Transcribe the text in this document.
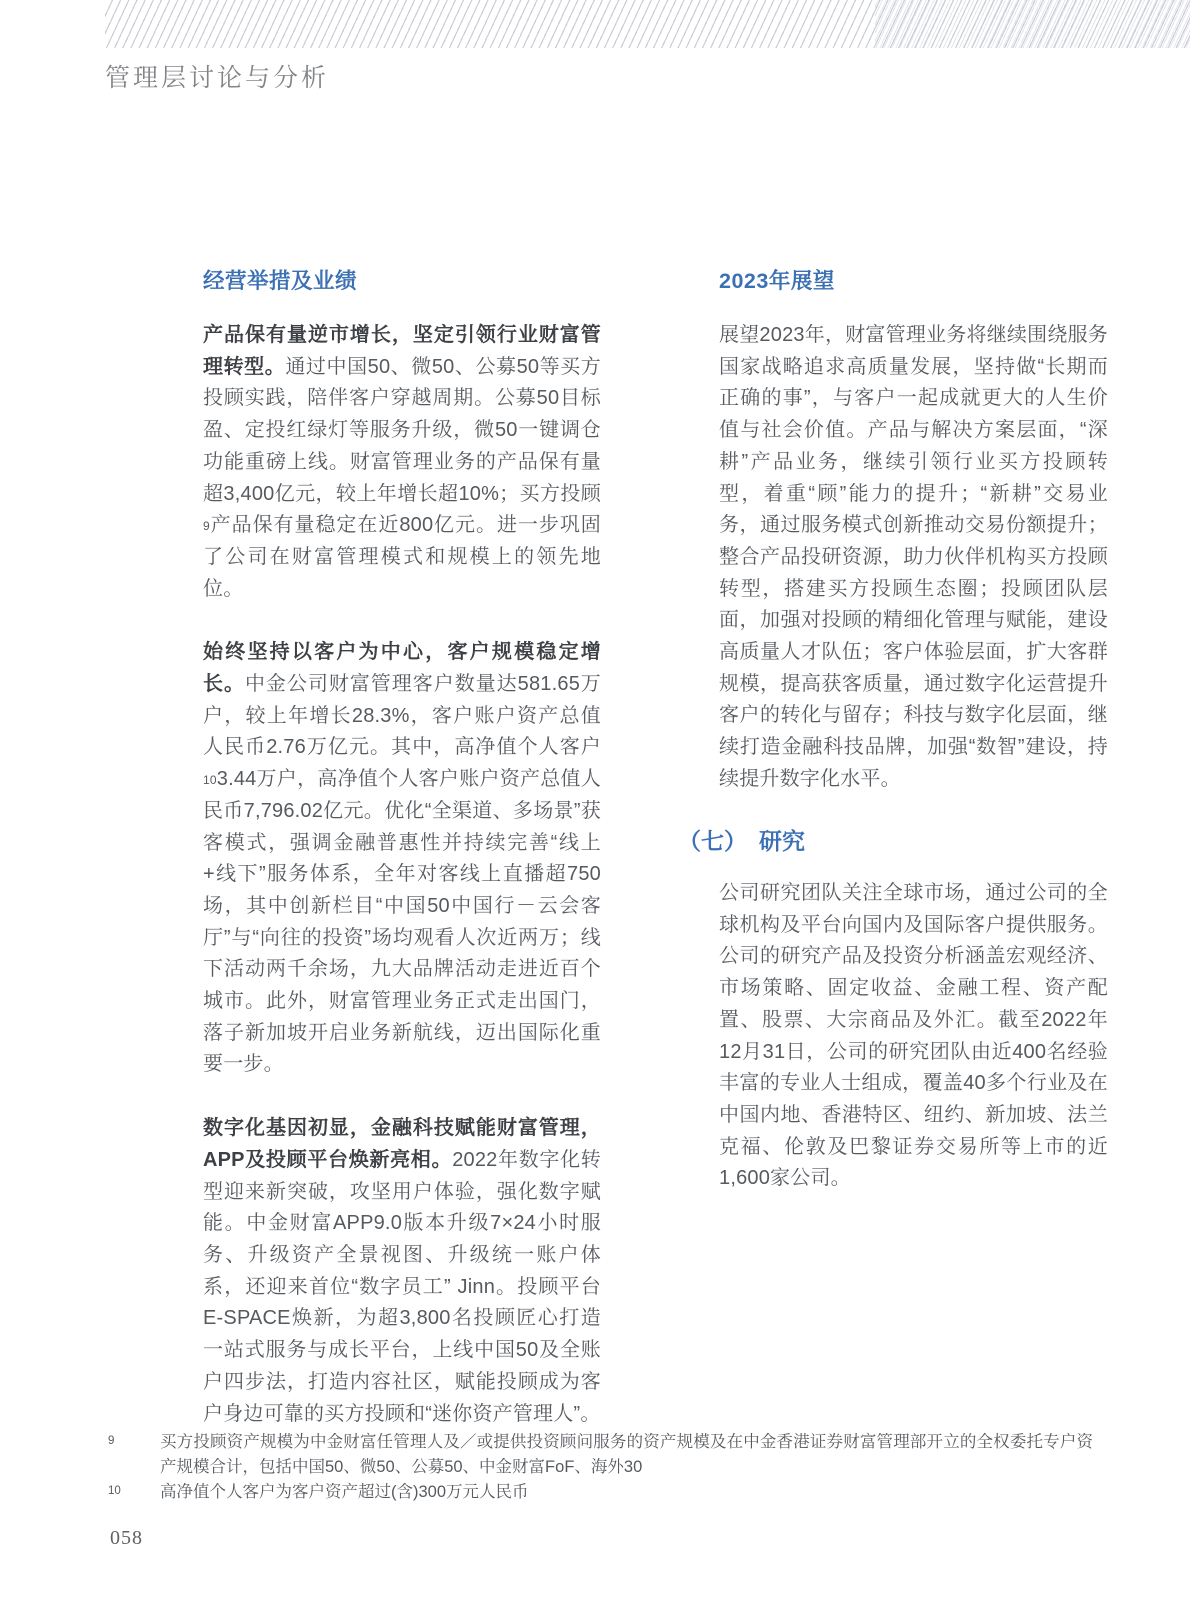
管理层讨论与分析
经营举措及业绩

产品保有量逆市增长，坚定引领行业财富管理转型。通过中国50、微50、公募50等买方投顾实践，陪伴客户穿越周期。公募50目标盈、定投红绿灯等服务升级，微50一键调仓功能重磅上线。财富管理业务的产品保有量超3,400亿元，较上年增长超10%；买方投顾$^9$产品保有量稳定在近800亿元。进一步巩固了公司在财富管理模式和规模上的领先地位。

始终坚持以客户为中心，客户规模稳定增长。中金公司财富管理客户数量达581.65万户，较上年增长28.3%，客户账户资产总值人民币2.76万亿元。其中，高净值个人客户$^{10}$3.44万户，高净值个人客户账户资产总值人民币7,796.02亿元。优化“全渠道、多场景”获客模式，强调金融普惠性并持续完善“线上+线下”服务体系，全年对客线上直播超750场，其中创新栏目“中国50中国行－云会客厅”与“向往的投资”场均观看人次近两万；线下活动两千余场，九大品牌活动走进近百个城市。此外，财富管理业务正式走出国门，落子新加坡开启业务新航线，迈出国际化重要一步。

数字化基因初显，金融科技赋能财富管理，APP及投顾平台焕新亮相。2022年数字化转型迎来新突破，攻坚用户体验，强化数字赋能。中金财富APP9.0版本升级7×24小时服务、升级资产全景视图、升级统一账户体系，还迎来首位“数字员工” Jinn。投顾平台E-SPACE焕新，为超3,800名投顾匠心打造一站式服务与成长平台，上线中国50及全账户四步法，打造内容社区，赋能投顾成为客户身边可靠的买方投顾和“迷你资产管理人”。

2023年展望

展望2023年，财富管理业务将继续围绕服务国家战略追求高质量发展，坚持做“长期而正确的事”，与客户一起成就更大的人生价值与社会价值。产品与解决方案层面，“深耕”产品业务，继续引领行业买方投顾转型，着重“顾”能力的提升；“新耕”交易业务，通过服务模式创新推动交易份额提升；整合产品投研资源，助力伙伴机构买方投顾转型，搭建买方投顾生态圈；投顾团队层面，加强对投顾的精细化管理与赋能，建设高质量人才队伍；客户体验层面，扩大客群规模，提高获客质量，通过数字化运营提升客户的转化与留存；科技与数字化层面，继续打造金融科技品牌，加强“数智”建设，持续提升数字化水平。

（七） 研究

公司研究团队关注全球市场，通过公司的全球机构及平台向国内及国际客户提供服务。公司的研究产品及投资分析涵盖宏观经济、市场策略、固定收益、金融工程、资产配置、股票、大宗商品及外汇。截至2022年12月31日，公司的研究团队由近400名经验丰富的专业人士组成，覆盖40多个行业及在中国内地、香港特区、纽约、新加坡、法兰克福、伦敦及巴黎证券交易所等上市的近1,600家公司。

9	买方投顾资产规模为中金财富任管理人及／或提供投资顾问服务的资产规模及在中金香港证券财富管理部开立的全权委托专户资产规模合计，包括中国50、微50、公募50、中金财富FoF、海外30
10	高净值个人客户为客户资产超过(含)300万元人民币
058
